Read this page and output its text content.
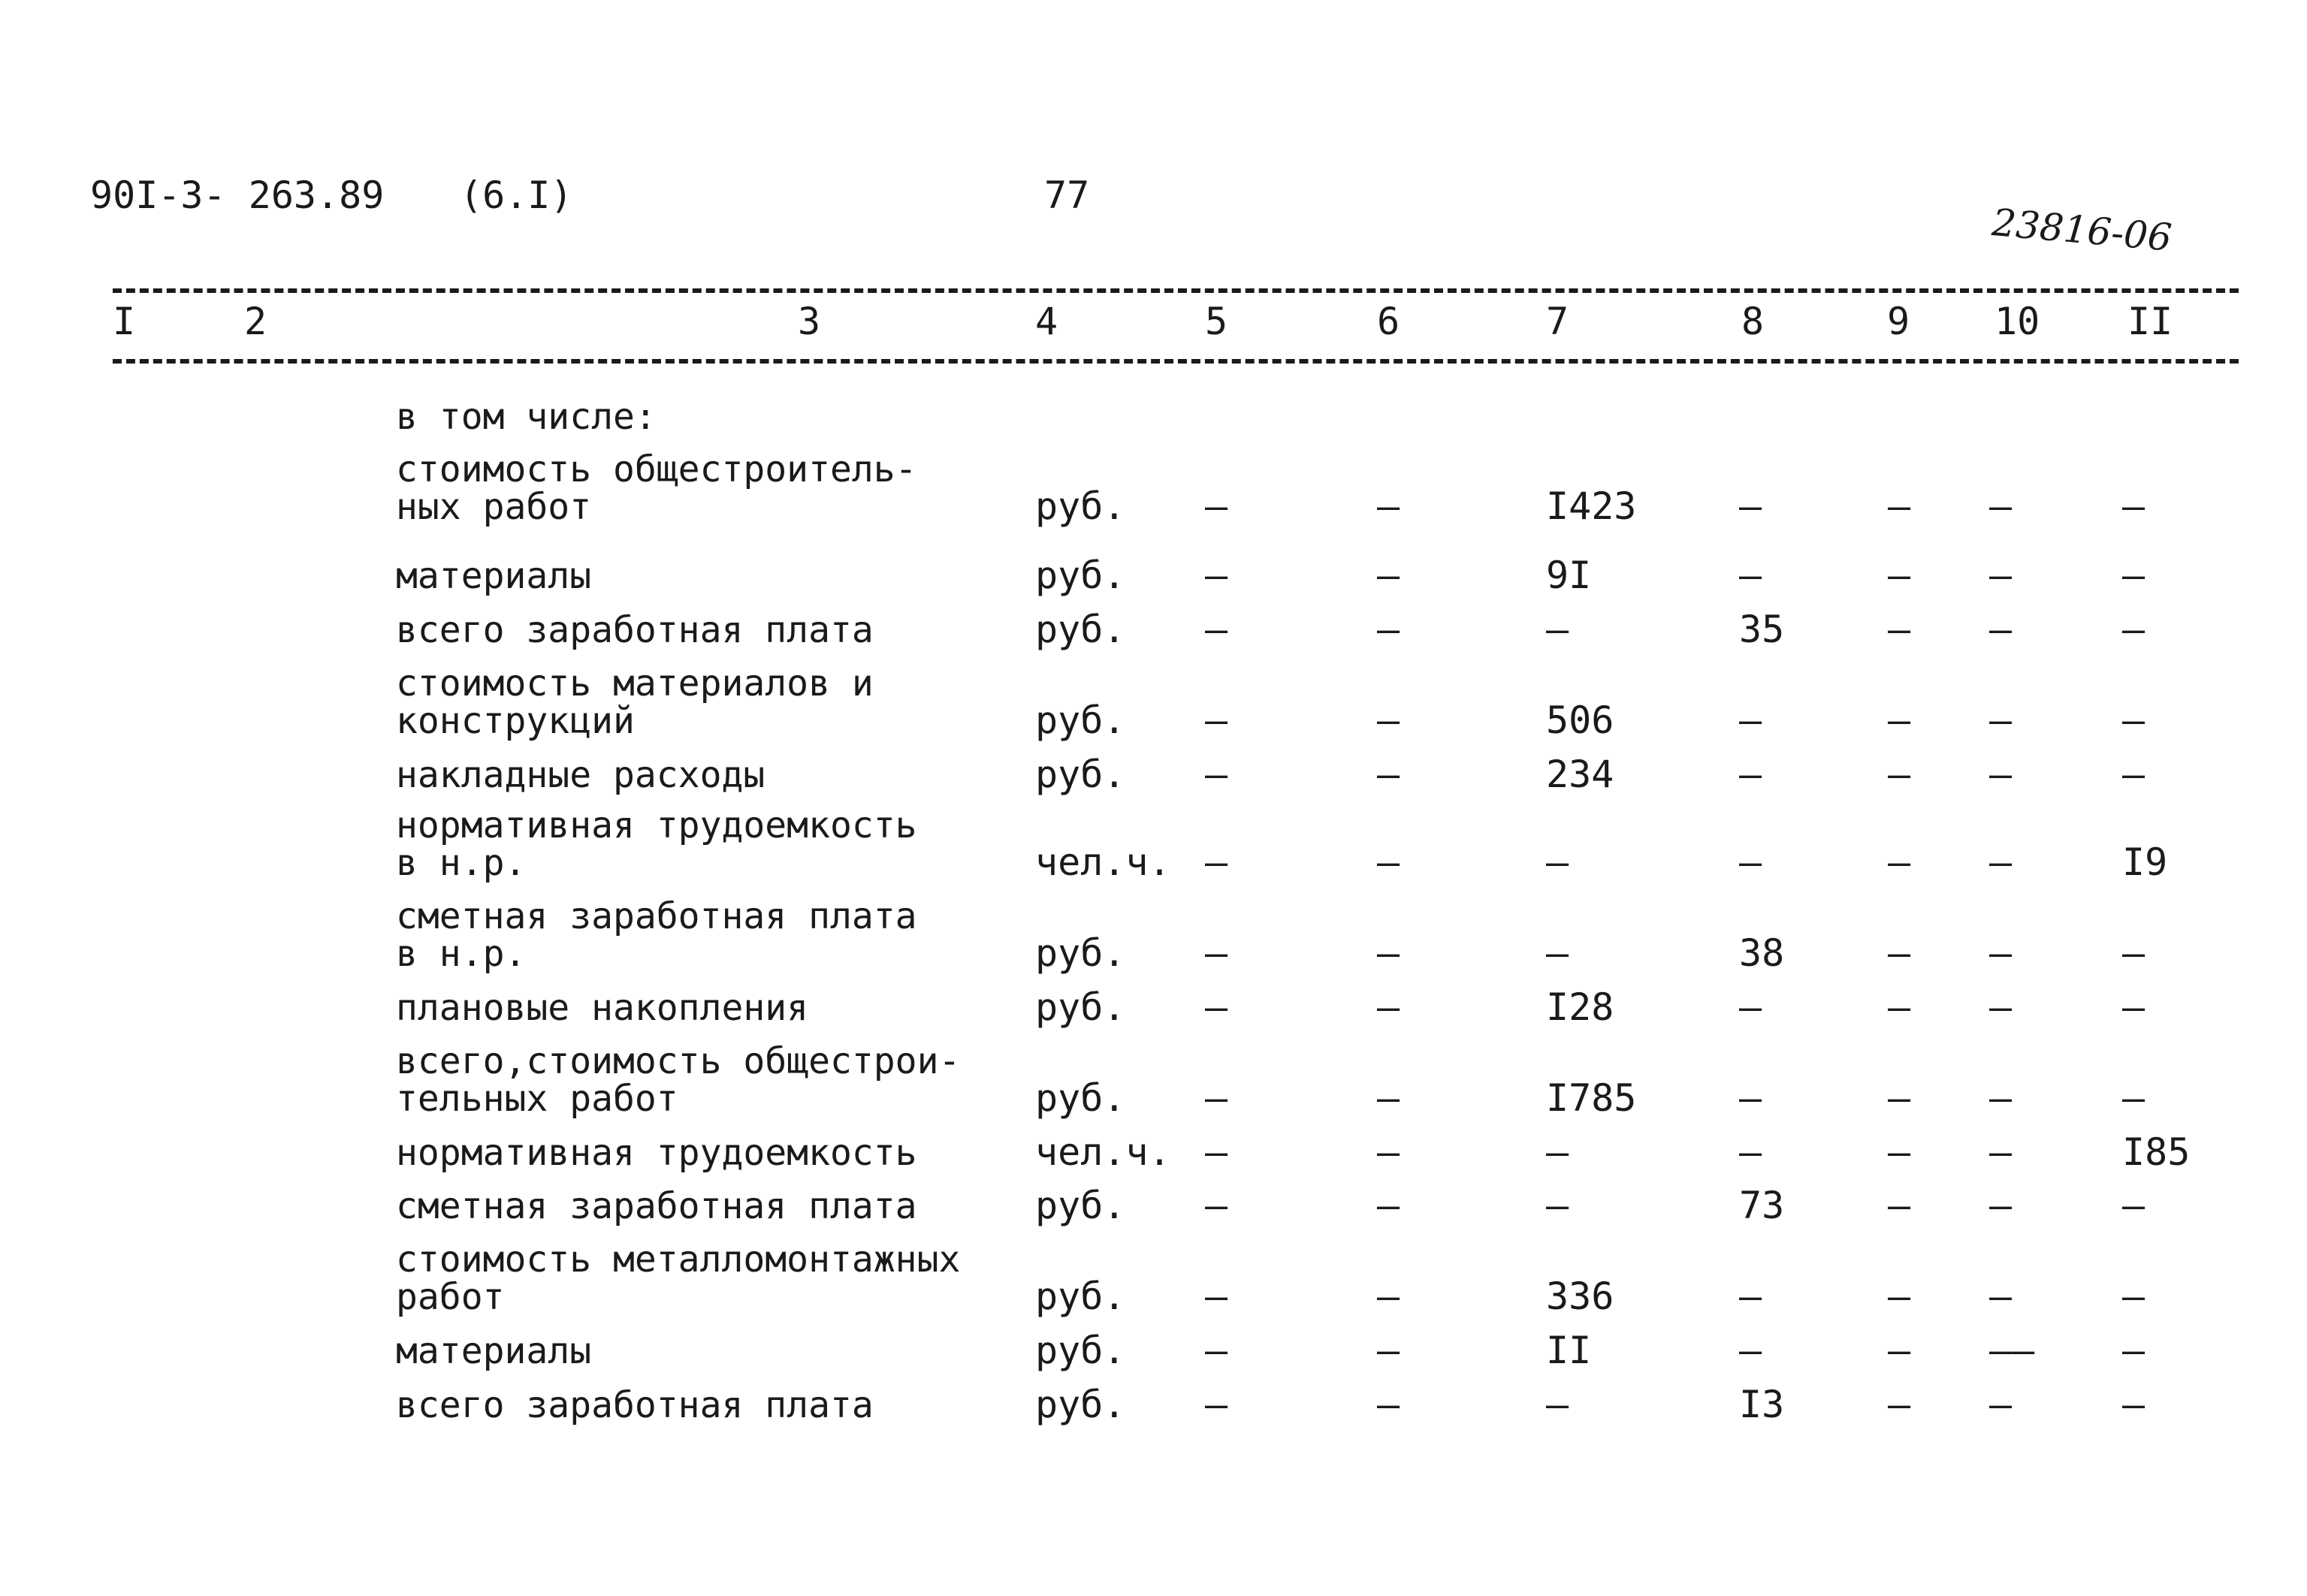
90I-3- 263.89 (6.I)	77
23816-06
I	2	3	4	5	6	7	8	9 10 II
в том числе:
стоимость общестроитель-
ных работ	руб. –	–	I423	–	– –	–
материалы	руб. –	–	9I	–	– –	–
всего заработная плата	руб. –	–	–	35	– –	–
стоимость материалов и
конструкций	руб. –	–	506	–	– –	–
накладные расходы	руб. –	–	234	–	– –	–
нормативная трудоемкость
в н.р.	чел.ч. –	–	–	–	– –	I9
сметная заработная плата
в н.р.	руб. –	–	–	38	– –	–
плановые накопления	руб. –	–	I28	–	– –	–
всего,стоимость общестрои-
тельных работ	руб. –	–	I785	–	– –	–
нормативная трудоемкость	чел.ч. –	–	–	–	– –	I85
сметная заработная плата	руб. –	–	–	73	– –	–
стоимость металломонтажных
работ	руб. –	–	336	–	– –	–
материалы	руб. –	–	II	–	– –– –
всего заработная плата	руб. –	–	–	I3	– –	–
